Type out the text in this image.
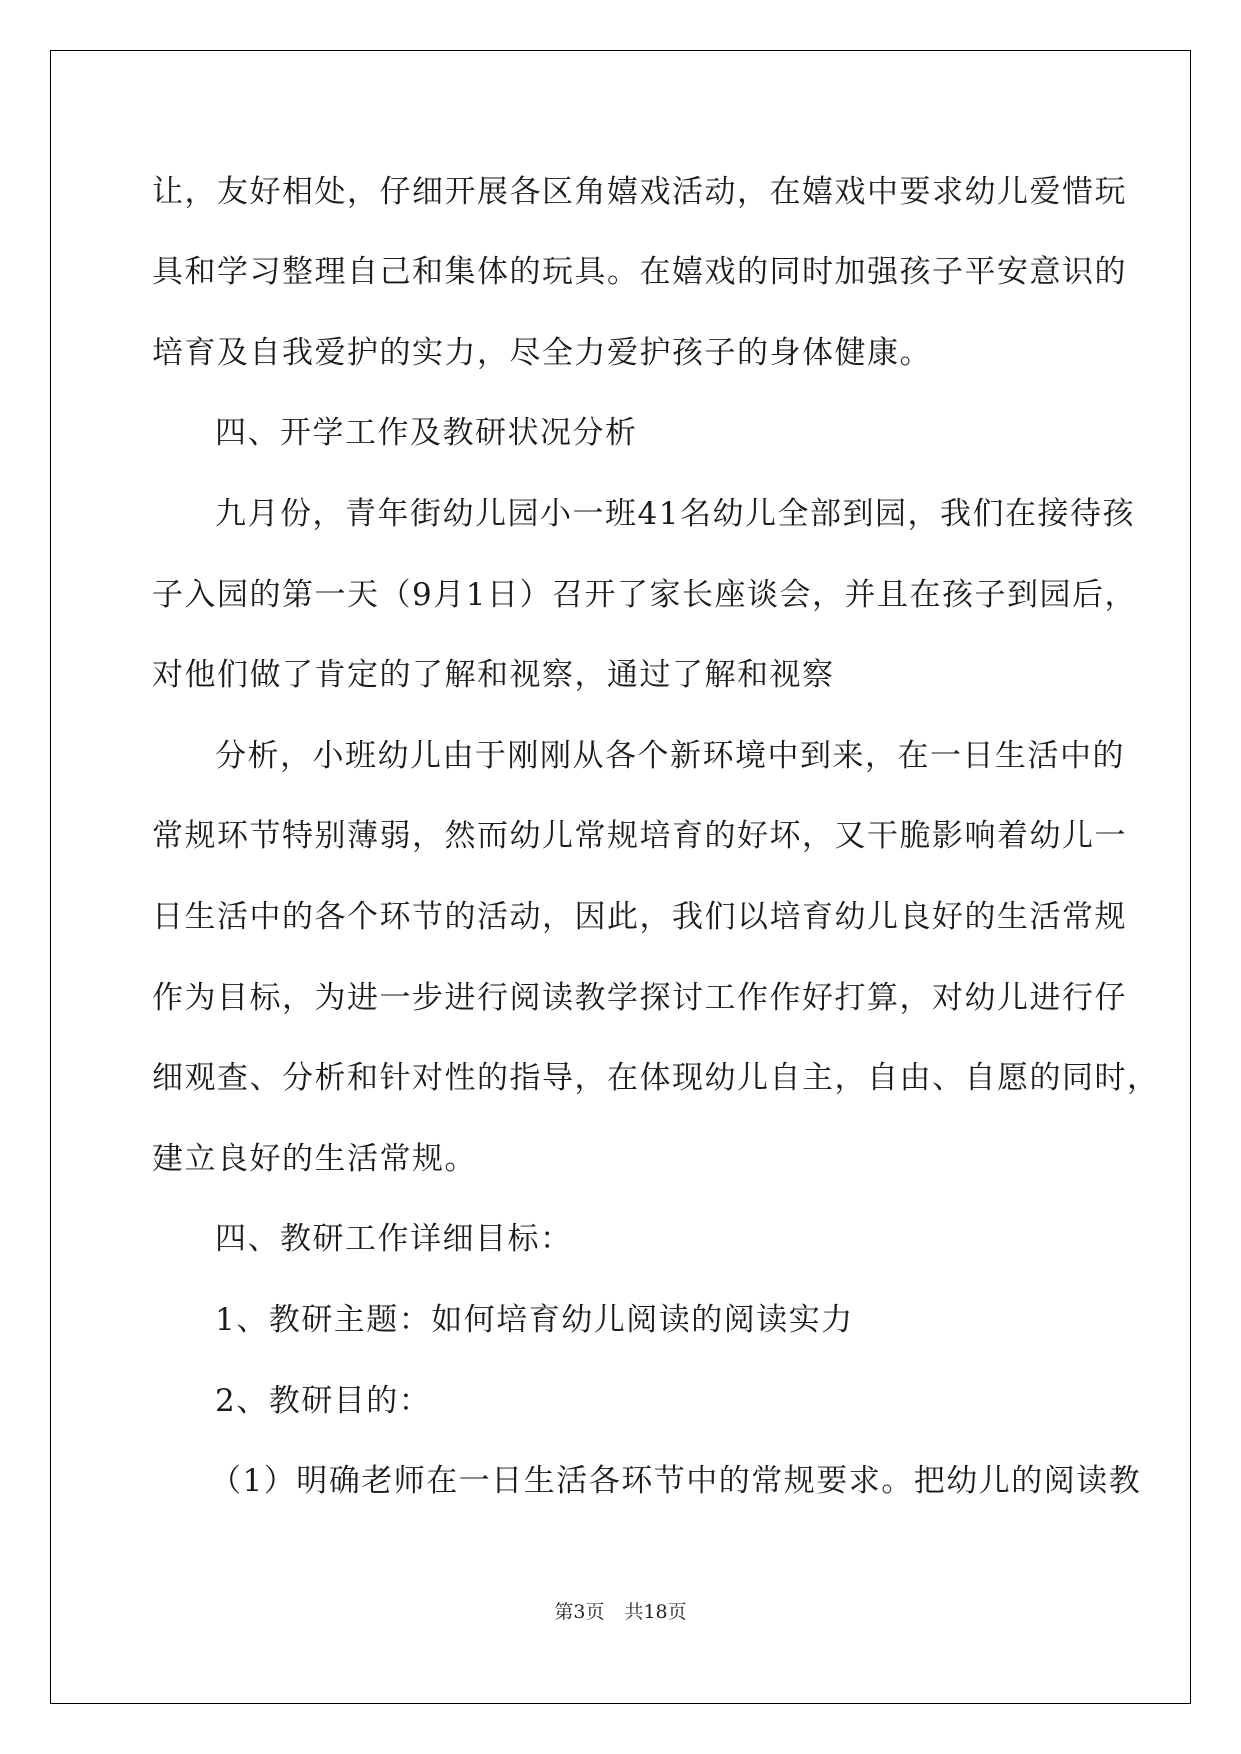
让，友好相处，仔细开展各区角嬉戏活动，在嬉戏中要求幼儿爱惜玩
具和学习整理自己和集体的玩具。在嬉戏的同时加强孩子平安意识的
培育及自我爱护的实力，尽全力爱护孩子的身体健康。
四、开学工作及教研状况分析
九月份，青年街幼儿园小一班41名幼儿全部到园，我们在接待孩
子入园的第一天（9月1日）召开了家长座谈会，并且在孩子到园后，
对他们做了肯定的了解和视察，通过了解和视察
分析，小班幼儿由于刚刚从各个新环境中到来，在一日生活中的
常规环节特别薄弱，然而幼儿常规培育的好坏，又干脆影响着幼儿一
日生活中的各个环节的活动，因此，我们以培育幼儿良好的生活常规
作为目标，为进一步进行阅读教学探讨工作作好打算，对幼儿进行仔
细观查、分析和针对性的指导，在体现幼儿自主，自由、自愿的同时，
建立良好的生活常规。
四、教研工作详细目标：
1、教研主题：如何培育幼儿阅读的阅读实力
2、教研目的：
（1）明确老师在一日生活各环节中的常规要求。把幼儿的阅读教
第3页 共18页
